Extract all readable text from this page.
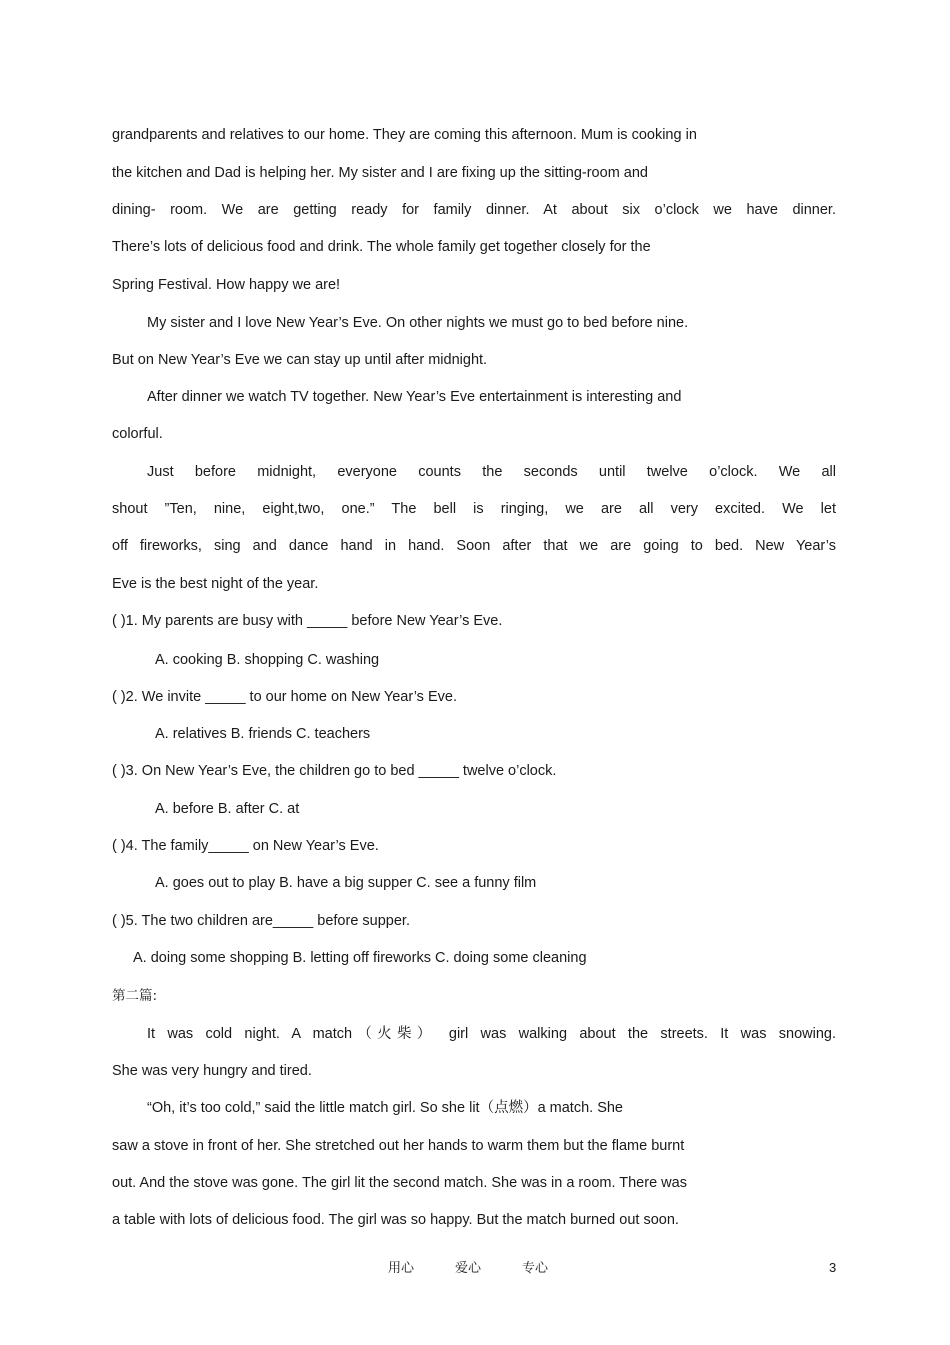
grandparents and relatives to our home. They are coming this afternoon. Mum is cooking in
the kitchen and Dad is helping her. My sister and I are fixing up the sitting-room and
dining- room. We are getting ready for family dinner. At about six o’clock we have dinner.
There’s lots of delicious food and drink. The whole family get together closely for the
Spring Festival. How happy we are!
My sister and I love New Year’s Eve. On other nights we must go to bed before nine.
But on New Year’s Eve we can stay up until after midnight.
After dinner we watch TV together. New Year’s Eve entertainment is interesting and
colorful.
Just before midnight, everyone counts the seconds until twelve o’clock. We all
shout ”Ten, nine, eight,two, one.” The bell is ringing, we are all very excited. We let
off fireworks, sing and dance hand in hand. Soon after that we are going to bed. New Year’s
Eve is the best night of the year.
( )1. My parents are busy with _____ before New Year’s Eve.
A. cooking B. shopping C. washing
( )2. We invite _____ to our home on New Year’s Eve.
A. relatives B. friends C. teachers
( )3. On New Year’s Eve, the children go to bed _____ twelve o’clock.
A. before B. after C. at
( )4. The family_____ on New Year’s Eve.
A. goes out to play B. have a big supper C. see a funny film
( )5. The two children are_____ before supper.
A. doing some shopping B. letting off fireworks C. doing some cleaning
第二篇:
It was cold night. A match（火柴） girl was walking about the streets. It was snowing.
She was very hungry and tired.
“Oh, it’s too cold,” said the little match girl. So she lit（点燃）a match. She
saw a stove in front of her. She stretched out her hands to warm them but the flame burnt
out. And the stove was gone. The girl lit the second match. She was in a room. There was
a table with lots of delicious food. The girl was so happy. But the match burned out soon.
用心	爱心	专心	3
